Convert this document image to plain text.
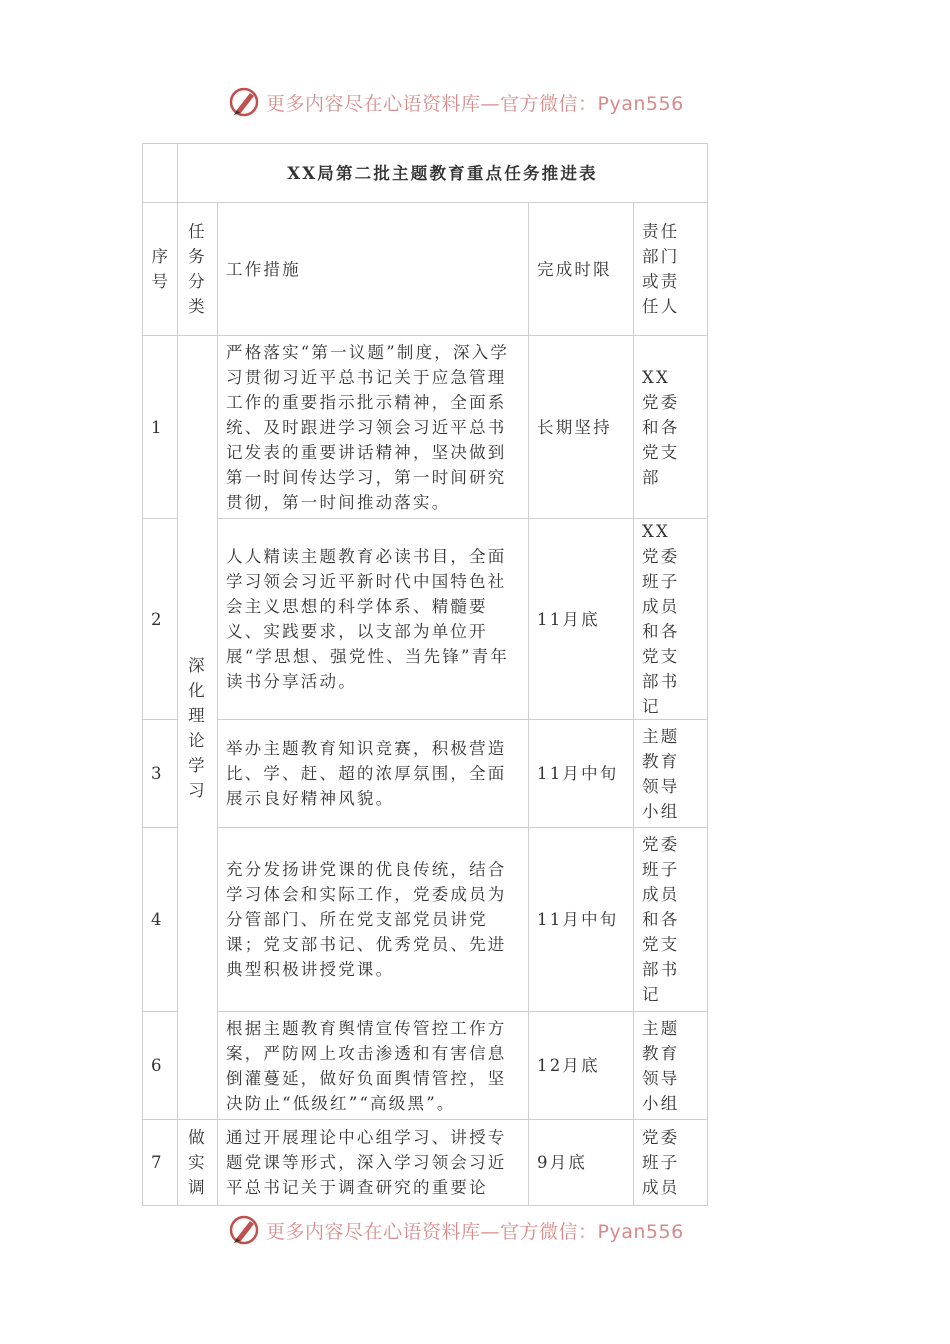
更多内容尽在心语资料库—官方微信：Pyan556
	XX局第二批主题教育重点任务推进表			

序号	任务分类	工作措施	完成时限	责任部门或责任人

1	深化理论学习	严格落实“第一议题”制度，深入学习贯彻习近平总书记关于应急管理工作的重要指示批示精神，全面系统、及时跟进学习领会习近平总书记发表的重要讲话精神，坚决做到第一时间传达学习，第一时间研究贯彻，第一时间推动落实。	长期坚持	XX党委和各党支部

2		人人精读主题教育必读书目，全面学习领会习近平新时代中国特色社会主义思想的科学体系、精髓要义、实践要求，以支部为单位开展“学思想、强党性、当先锋”青年读书分享活动。	11月底	XX党委班子成员和各党支部书记

3		举办主题教育知识竞赛，积极营造比、学、赶、超的浓厚氛围，全面展示良好精神风貌。	11月中旬	主题教育领导小组

4		充分发扬讲党课的优良传统，结合学习体会和实际工作，党委成员为分管部门、所在党支部党员讲党课；党支部书记、优秀党员、先进典型积极讲授党课。	11月中旬	党委班子成员和各党支部书记

6		根据主题教育舆情宣传管控工作方案，严防网上攻击渗透和有害信息倒灌蔓延，做好负面舆情管控，坚决防止“低级红”“高级黑”。	12月底	主题教育领导小组

7	做实调	通过开展理论中心组学习、讲授专题党课等形式，深入学习领会习近平总书记关于调查研究的重要论	9月底	党委班子成员
更多内容尽在心语资料库—官方微信：Pyan556
